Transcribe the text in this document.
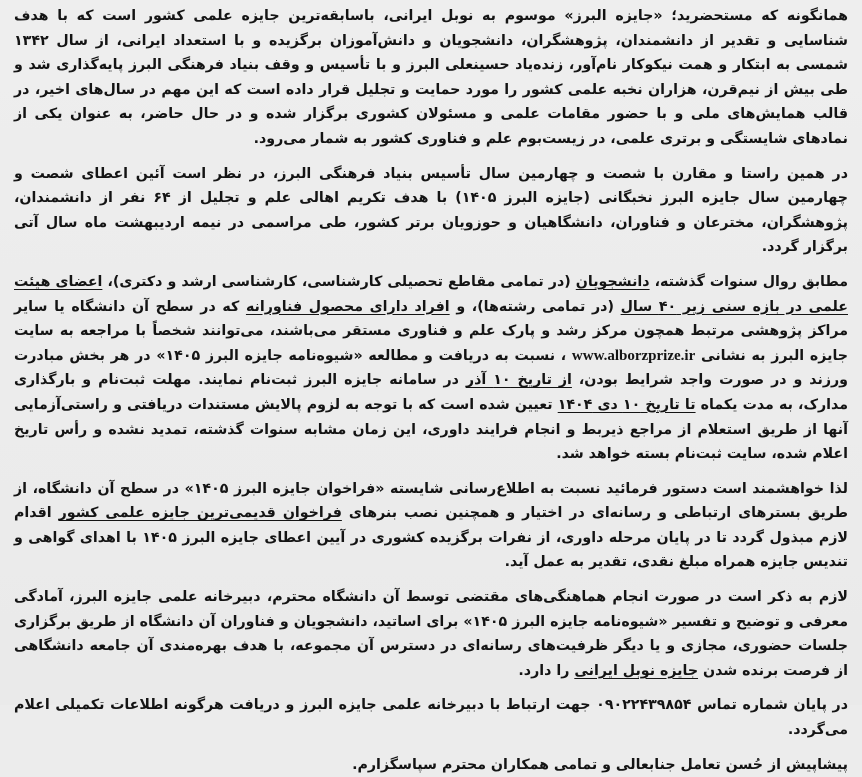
همانگونه که مستحضرید؛ «جایزه البرز» موسوم به نوبل ایرانی، باسابقه‌ترین جایزه علمی کشور است که با هدف شناسایی و تقدیر از دانشمندان، پژوهشگران، دانشجویان و دانش‌آموزان برگزیده و با استعداد ایرانی، از سال ۱۳۴۲ شمسی به ابتکار و همت نیکوکار نام‌آور، زنده‌یاد حسینعلی البرز و با تأسیس و وقف بنیاد فرهنگی البرز پایه‌گذاری شد و طی بیش از نیم‌قرن، هزاران نخبه علمی کشور را مورد حمایت و تجلیل قرار داده است که این مهم در سال‌های اخیر، در قالب همایش‌های ملی و با حضور مقامات علمی و مسئولان کشوری برگزار شده و در حال حاضر، به عنوان یکی از نمادهای شایستگی و برتری علمی، در زیست‌بوم علم و فناوری کشور به شمار می‌رود.

در همین راستا و مقارن با شصت و چهارمین سال تأسیس بنیاد فرهنگی البرز، در نظر است آئین اعطای شصت و چهارمین سال جایزه البرز نخبگانی (جایزه البرز ۱۴۰۵) با هدف تکریم اهالی علم و تجلیل از ۶۴ نفر از دانشمندان، پژوهشگران، مخترعان و فناوران، دانشگاهیان و حوزویان برتر کشور، طی مراسمی در نیمه اردیبهشت ماه سال آتی برگزار گردد.

مطابق روال سنوات گذشته، دانشجویان (در تمامی مقاطع تحصیلی کارشناسی، کارشناسی ارشد و دکتری)، اعضای هیئت علمی در بازه سنی زیر ۴۰ سال (در تمامی رشته‌ها)، و افراد دارای محصول فناورانه که در سطح آن دانشگاه یا سایر مراکز پژوهشی مرتبط همچون مرکز رشد و پارک علم و فناوری مستقر می‌باشند، می‌توانند شخصاً با مراجعه به سایت جایزه البرز به نشانی www.alborzprize.ir ، نسبت به دریافت و مطالعه «شیوه‌نامه جایزه البرز ۱۴۰۵» در هر بخش مبادرت ورزند و در صورت واجد شرایط بودن، از تاریخ ۱۰ آذر در سامانه جایزه البرز ثبت‌نام نمایند. مهلت ثبت‌نام و بارگذاری مدارک، به مدت یکماه تا تاریخ ۱۰ دی ۱۴۰۴ تعیین شده است که با توجه به لزوم پالایش مستندات دریافتی و راستی‌آزمایی آنها از طریق استعلام از مراجع ذیربط و انجام فرایند داوری، این زمان مشابه سنوات گذشته، تمدید نشده و رأس تاریخ اعلام شده، سایت ثبت‌نام بسته خواهد شد.

لذا خواهشمند است دستور فرمائید نسبت به اطلاع‌رسانی شایسته «فراخوان جایزه البرز ۱۴۰۵» در سطح آن دانشگاه، از طریق بسترهای ارتباطی و رسانه‌ای در اختیار و همچنین نصب بنرهای فراخوان قدیمی‌ترین جایزه علمی کشور اقدام لازم مبذول گردد تا در پایان مرحله داوری، از نفرات برگزیده کشوری در آیین اعطای جایزه البرز ۱۴۰۵ با اهدای گواهی و تندیس جایزه همراه مبلغ نقدی، تقدیر به عمل آید.

لازم به ذکر است در صورت انجام هماهنگی‌های مقتضی توسط آن دانشگاه محترم، دبیرخانه علمی جایزه البرز، آمادگی معرفی و توضیح و تفسیر «شیوه‌نامه جایزه البرز ۱۴۰۵» برای اساتید، دانشجویان و فناوران آن دانشگاه از طریق برگزاری جلسات حضوری، مجازی و یا دیگر ظرفیت‌های رسانه‌ای در دسترس آن مجموعه، با هدف بهره‌مندی آن جامعه دانشگاهی از فرصت برنده شدن جایزه نوبل ایرانی را دارد.

در پایان شماره تماس ۰۹۰۲۲۴۳۹۸۵۴ جهت ارتباط با دبیرخانه علمی جایزه البرز و دریافت هرگونه اطلاعات تکمیلی اعلام می‌گردد.

پیشاپیش از حُسن تعامل جنابعالی و تمامی همکاران محترم سپاسگزارم.
